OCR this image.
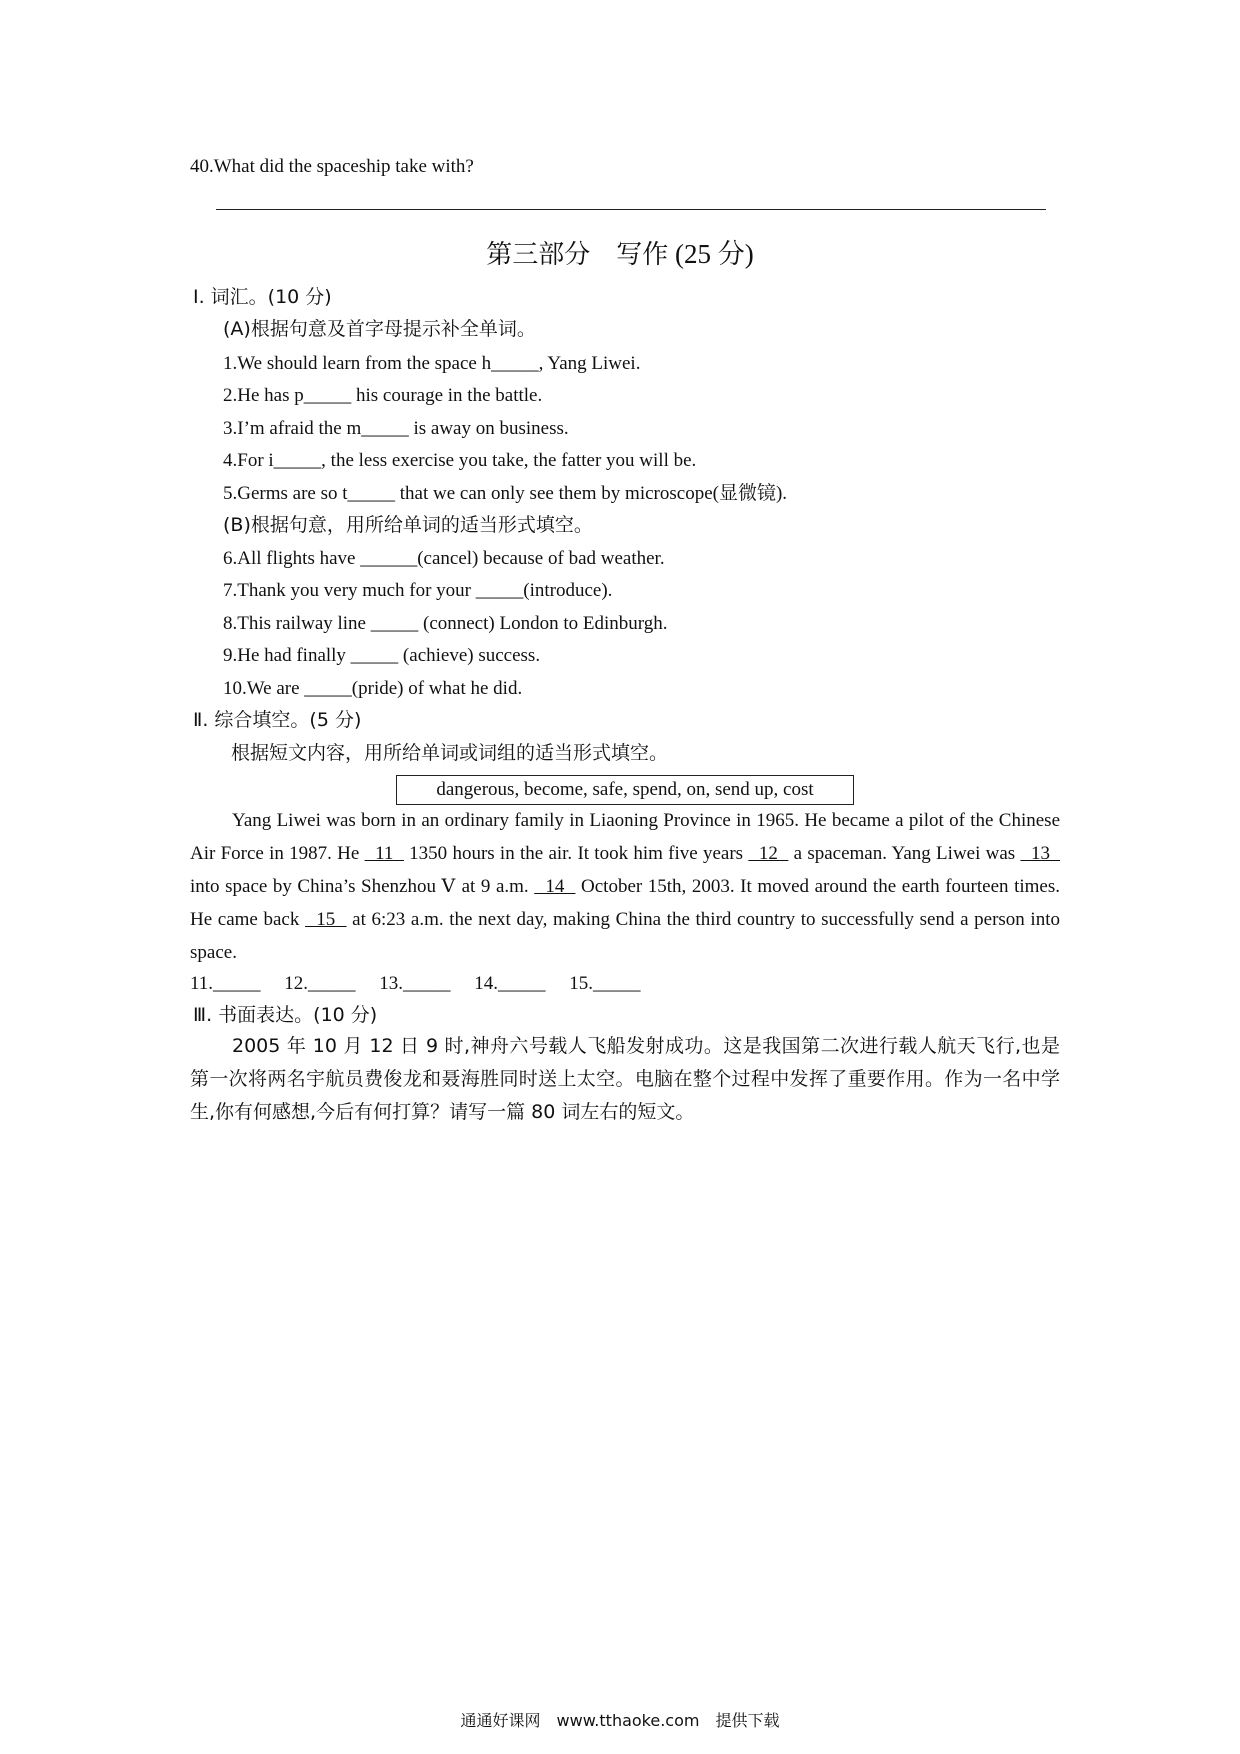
40.What did the spaceship take with?
第三部分　写作 (25 分)
Ⅰ. 词汇。(10 分)
(A)根据句意及首字母提示补全单词。
1.We should learn from the space h_____, Yang Liwei.
2.He has p_____ his courage in the battle.
3.I’m afraid the m_____ is away on business.
4.For i_____, the less exercise you take, the fatter you will be.
5.Germs are so t_____ that we can only see them by microscope(显微镜).
(B)根据句意，用所给单词的适当形式填空。
6.All flights have ______(cancel) because of bad weather.
7.Thank you very much for your _____(introduce).
8.This railway line _____ (connect) London to Edinburgh.
9.He had finally _____ (achieve) success.
10.We are _____(pride) of what he did.
Ⅱ. 综合填空。(5 分)
根据短文内容，用所给单词或词组的适当形式填空。
dangerous, become, safe, spend, on, send up, cost
Yang Liwei was born in an ordinary family in Liaoning Province in 1965. He became a pilot of the Chinese Air Force in 1987. He   11   1350 hours in the air. It took him five years   12   a spaceman. Yang Liwei was   13   into space by China’s Shenzhou Ⅴ at 9 a.m.   14   October 15th, 2003. It moved around the earth fourteen times. He came back   15   at 6:23 a.m. the next day, making China the third country to successfully send a person into space.
11._____　 12._____　 13._____　 14._____　 15._____
Ⅲ. 书面表达。(10 分)
2005 年 10 月 12 日 9 时,神舟六号载人飞船发射成功。这是我国第二次进行载人航天飞行,也是第一次将两名宇航员费俊龙和聂海胜同时送上太空。电脑在整个过程中发挥了重要作用。作为一名中学生,你有何感想,今后有何打算？请写一篇 80 词左右的短文。
通通好课网　www.tthaoke.com　提供下载
